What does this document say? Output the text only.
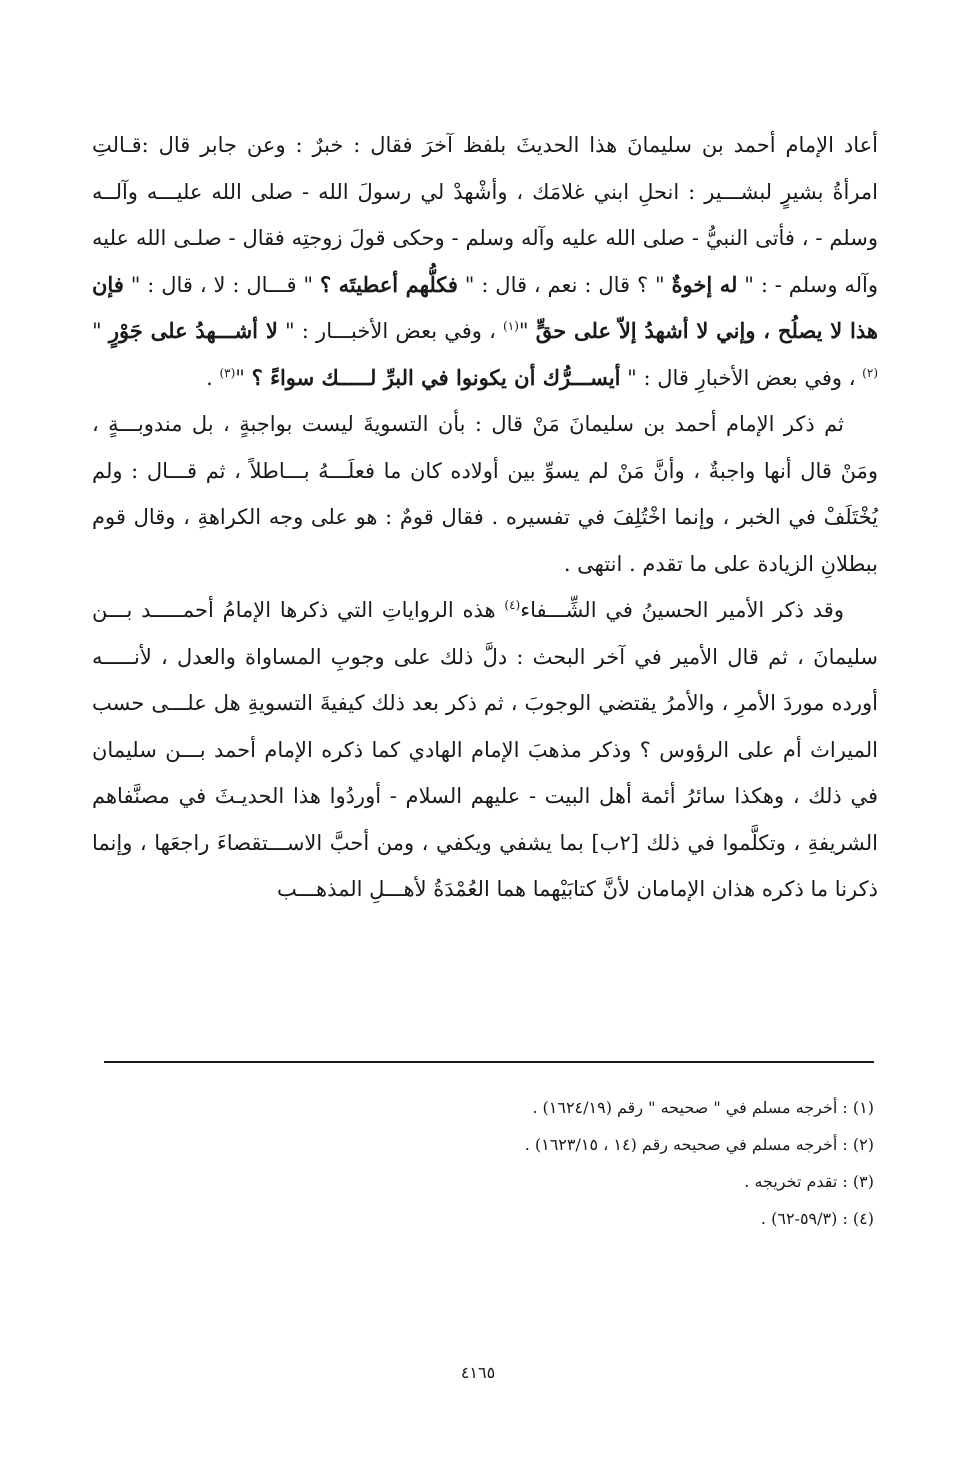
أعاد الإمام أحمد بن سليمانَ هذا الحديثَ بلفظ آخرَ فقال : خبرٌ : وعن جابر قال :قـالتِ امرأةُ بشيرٍ لبشـــير : انحلِ ابني غلامَك ، وأشْهدْ لي رسولَ الله - صلى الله عليـــه وآلــه وسلم - ، فأتى النبيُّ - صلى الله عليه وآله وسلم - وحكى قولَ زوجتِه فقال - صلـى الله عليه وآله وسلم - : " له إخوةٌ " ؟ قال : نعم ، قال : " فكلُّهم أعطيتَه ؟ " قـــال : لا ، قال : " فإن هذا لا يصلُح ، وإني لا أشهدُ إلاّ على حقٍّ "$^{(١)}$ ، وفي بعض الأخبـــار : " لا أشـــهدُ على جَوْرٍ "$^{(٢)}$ ، وفي بعض الأخبارِ قال : " أيســـرُّك أن يكونوا في البرِّ لـــــك سواءً ؟ "$^{(٣)}$ .

ثم ذكر الإمام أحمد بن سليمانَ مَنْ قال : بأن التسويةَ ليست بواجبةٍ ، بل مندوبـــةٍ ، ومَنْ قال أنها واجبةٌ ، وأنَّ مَنْ لم يسوِّ بين أولاده كان ما فعلَـــهُ بـــاطلاً ، ثم قـــال : ولم يُخْتَلَفْ في الخبر ، وإنما اخْتُلِفَ في تفسيره . فقال قومٌ : هو على وجه الكراهةِ ، وقال قوم ببطلانِ الزيادة على ما تقدم . انتهى .

وقد ذكر الأمير الحسينُ في الشِّـــفاء$^{(٤)}$ هذه الرواياتِ التي ذكرها الإمامُ أحمـــــد بـــن سليمانَ ، ثم قال الأمير في آخر البحث : دلَّ ذلك على وجوبِ المساواة والعدل ، لأنـــــه أورده موردَ الأمرِ ، والأمرُ يقتضي الوجوبَ ، ثم ذكر بعد ذلك كيفيةَ التسويةِ هل علـــى حسب الميراث أم على الرؤوس ؟ وذكر مذهبَ الإمام الهادي كما ذكره الإمام أحمد بـــن سليمان في ذلك ، وهكذا سائرُ أئمة أهل البيت - عليهم السلام - أوردُوا هذا الحديـثَ في مصنَّفاهم الشريفةِ ، وتكلَّموا في ذلك [٢ب] بما يشفي ويكفي ، ومن أحبَّ الاســـتقصاءَ راجعَها ، وإنما ذكرنا ما ذكره هذان الإمامان لأنَّ كتابَيْهما هما العُمْدَةُ لأهـــلِ المذهـــب

(١) : أخرجه مسلم في " صحيحه " رقم (١٦٢٤/١٩) .
(٢) : أخرجه مسلم في صحيحه رقم (١٤ ، ١٦٢٣/١٥) .
(٣) : تقدم تخريجه .
(٤) : (٥٩/٣-٦٢) .
٤١٦٥
